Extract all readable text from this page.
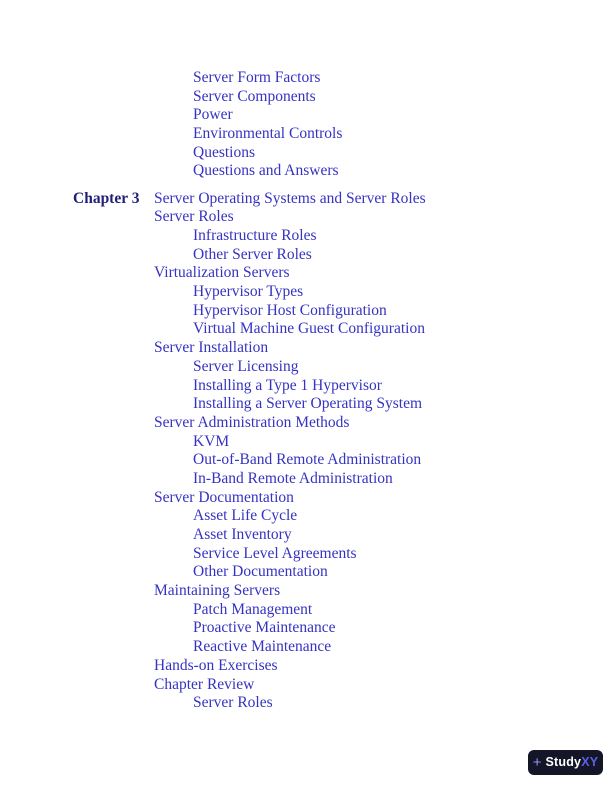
Server Form Factors
Server Components
Power
Environmental Controls
Questions
Questions and Answers
Chapter 3 Server Operating Systems and Server Roles
Server Roles
Infrastructure Roles
Other Server Roles
Virtualization Servers
Hypervisor Types
Hypervisor Host Configuration
Virtual Machine Guest Configuration
Server Installation
Server Licensing
Installing a Type 1 Hypervisor
Installing a Server Operating System
Server Administration Methods
KVM
Out-of-Band Remote Administration
In-Band Remote Administration
Server Documentation
Asset Life Cycle
Asset Inventory
Service Level Agreements
Other Documentation
Maintaining Servers
Patch Management
Proactive Maintenance
Reactive Maintenance
Hands-on Exercises
Chapter Review
Server Roles
+ StudyXY
